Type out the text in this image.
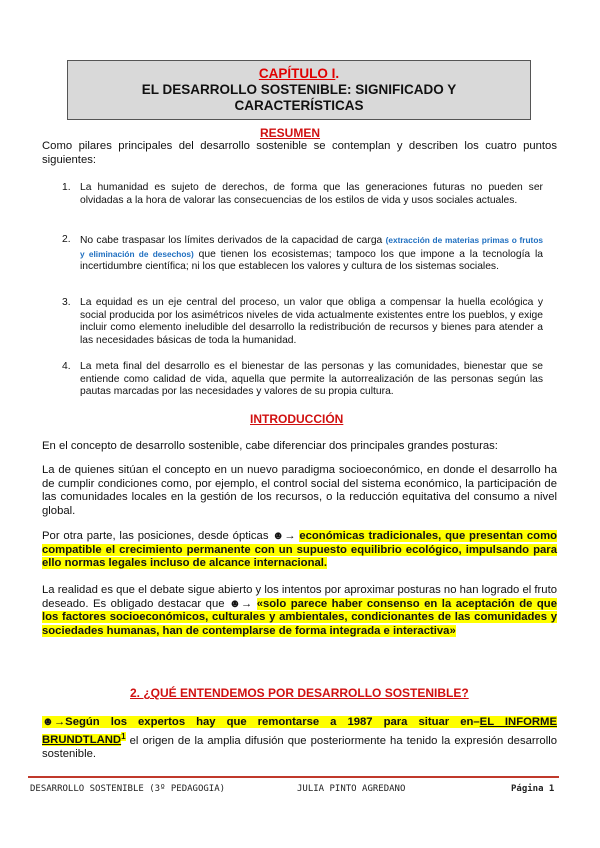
CAPÍTULO I.
EL DESARROLLO SOSTENIBLE: SIGNIFICADO Y
CARACTERÍSTICAS
RESUMEN
Como pilares principales del desarrollo sostenible se contemplan y describen los cuatro puntos siguientes:
1. La humanidad es sujeto de derechos, de forma que las generaciones futuras no pueden ser olvidadas a la hora de valorar las consecuencias de los estilos de vida y usos sociales actuales.
2. No cabe traspasar los límites derivados de la capacidad de carga (extracción de materias primas o frutos y eliminación de desechos) que tienen los ecosistemas; tampoco los que impone a la tecnología la incertidumbre científica; ni los que establecen los valores y cultura de los sistemas sociales.
3. La equidad es un eje central del proceso, un valor que obliga a compensar la huella ecológica y social producida por los asimétricos niveles de vida actualmente existentes entre los pueblos, y exige incluir como elemento ineludible del desarrollo la redistribución de recursos y bienes para atender a las necesidades básicas de toda la humanidad.
4. La meta final del desarrollo es el bienestar de las personas y las comunidades, bienestar que se entiende como calidad de vida, aquella que permite la autorrealización de las personas según las pautas marcadas por las necesidades y valores de su propia cultura.
INTRODUCCIÓN
En el concepto de desarrollo sostenible, cabe diferenciar dos principales grandes posturas:
La de quienes sitúan el concepto en un nuevo paradigma socioeconómico, en donde el desarrollo ha de cumplir condiciones como, por ejemplo, el control social del sistema económico, la participación de las comunidades locales en la gestión de los recursos, o la reducción equitativa del consumo a nivel global.
Por otra parte, las posiciones, desde ópticas ☻→ económicas tradicionales, que presentan como compatible el crecimiento permanente con un supuesto equilibrio ecológico, impulsando para ello normas legales incluso de alcance internacional.
La realidad es que el debate sigue abierto y los intentos por aproximar posturas no han logrado el fruto deseado. Es obligado destacar que ☻→ «solo parece haber consenso en la aceptación de que los factores socioeconómicos, culturales y ambientales, condicionantes de las comunidades y sociedades humanas, han de contemplarse de forma integrada e interactiva»
2. ¿QUÉ ENTENDEMOS POR DESARROLLO SOSTENIBLE?
☻→Según los expertos hay que remontarse a 1987 para situar en–EL INFORME BRUNDTLAND$^1$ el origen de la amplia difusión que posteriormente ha tenido la expresión desarrollo sostenible.
DESARROLLO SOSTENIBLE (3º PEDAGOGIA)	JULIA PINTO AGREDANO	Página 1
